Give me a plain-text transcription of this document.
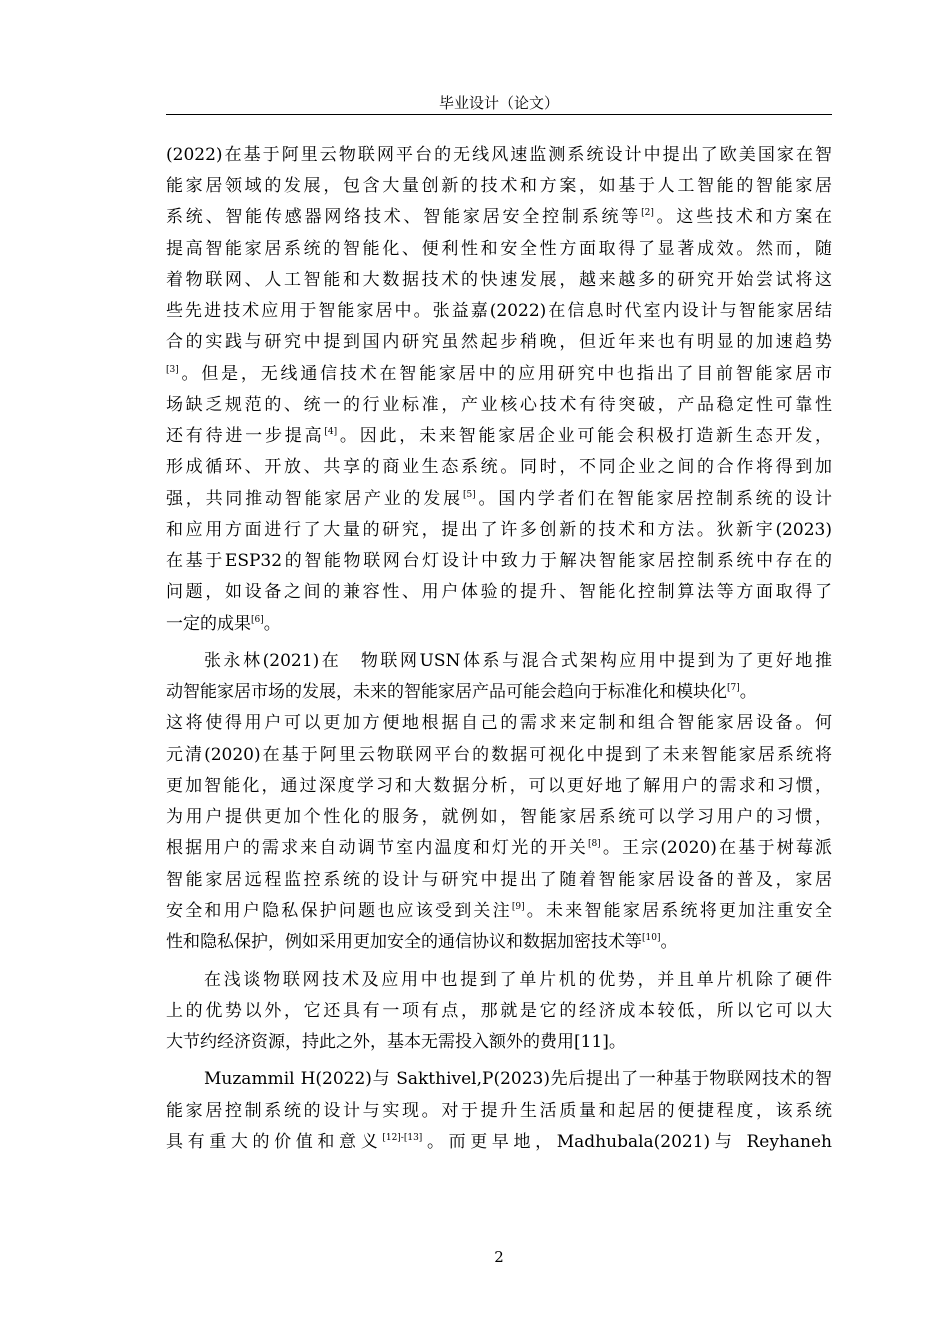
毕业设计（论文）
(2022)在基于阿里云物联网平台的无线风速监测系统设计中提出了欧美国家在智
能家居领域的发展，包含大量创新的技术和方案，如基于人工智能的智能家居
系统、智能传感器网络技术、智能家居安全控制系统等[2]。这些技术和方案在
提高智能家居系统的智能化、便利性和安全性方面取得了显著成效。然而，随
着物联网、人工智能和大数据技术的快速发展，越来越多的研究开始尝试将这
些先进技术应用于智能家居中。张益嘉(2022)在信息时代室内设计与智能家居结
合的实践与研究中提到国内研究虽然起步稍晚，但近年来也有明显的加速趋势
[3]。但是，无线通信技术在智能家居中的应用研究中也指出了目前智能家居市
场缺乏规范的、统一的行业标准，产业核心技术有待突破，产品稳定性可靠性
还有待进一步提高[4]。因此，未来智能家居企业可能会积极打造新生态开发，
形成循环、开放、共享的商业生态系统。同时，不同企业之间的合作将得到加
强，共同推动智能家居产业的发展[5]。国内学者们在智能家居控制系统的设计
和应用方面进行了大量的研究，提出了许多创新的技术和方法。狄新宇(2023)
在基于ESP32的智能物联网台灯设计中致力于解决智能家居控制系统中存在的
问题，如设备之间的兼容性、用户体验的提升、智能化控制算法等方面取得了
一定的成果[6]。
张永林(2021)在　物联网USN体系与混合式架构应用中提到为了更好地推
动智能家居市场的发展，未来的智能家居产品可能会趋向于标准化和模块化[7]。
这将使得用户可以更加方便地根据自己的需求来定制和组合智能家居设备。何
元清(2020)在基于阿里云物联网平台的数据可视化中提到了未来智能家居系统将
更加智能化，通过深度学习和大数据分析，可以更好地了解用户的需求和习惯，
为用户提供更加个性化的服务，就例如，智能家居系统可以学习用户的习惯，
根据用户的需求来自动调节室内温度和灯光的开关[8]。王宗(2020)在基于树莓派
智能家居远程监控系统的设计与研究中提出了随着智能家居设备的普及，家居
安全和用户隐私保护问题也应该受到关注[9]。未来智能家居系统将更加注重安全
性和隐私保护，例如采用更加安全的通信协议和数据加密技术等[10]。
在浅谈物联网技术及应用中也提到了单片机的优势，并且单片机除了硬件
上的优势以外，它还具有一项有点，那就是它的经济成本较低，所以它可以大
大节约经济资源，持此之外，基本无需投入额外的费用[11]。
Muzammil H(2022)与 Sakthivel,P(2023)先后提出了一种基于物联网技术的智
能家居控制系统的设计与实现。对于提升生活质量和起居的便捷程度，该系统
具有重大的价值和意义[12]-[13]。而更早地，Madhubala(2021)与 Reyhaneh
2
